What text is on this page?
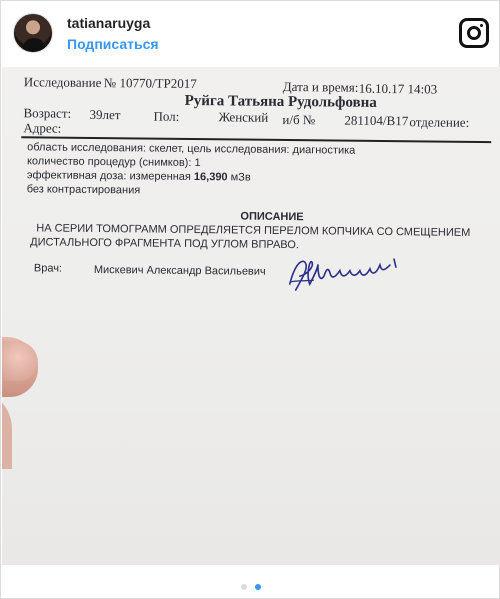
tatianaruyga
Подписаться
Исследование № 10770/ТР2017	Дата и время: 16.10.17 14:03
Руйга Татьяна Рудольфовна
Возраст: 39лет	Пол:	Женский и/б № 281104/В17 отделение:
Адрес:
область исследования: скелет, цель исследования: диагностика
количество процедур (снимков): 1
эффективная доза: измеренная 16,390 мЗв
без контрастирования
ОПИСАНИЕ
НА СЕРИИ ТОМОГРАММ ОПРЕДЕЛЯЕТСЯ ПЕРЕЛОМ КОПЧИКА СО СМЕЩЕНИЕМ
ДИСТАЛЬНОГО ФРАГМЕНТА ПОД УГЛОМ ВПРАВО.
Врач:	Мискевич Александр Васильевич
